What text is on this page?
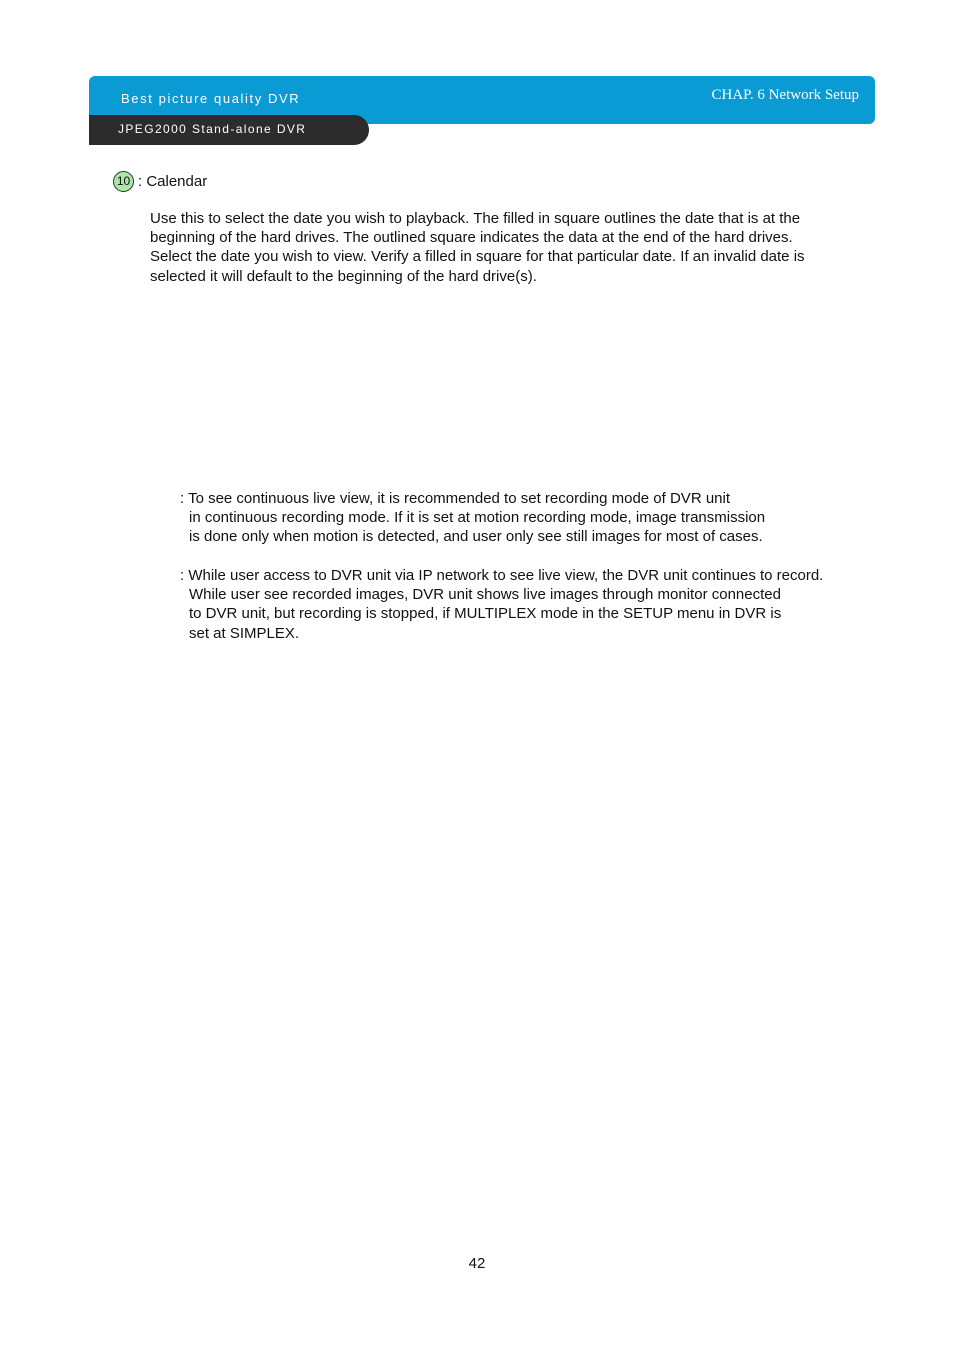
Best picture quality DVR	CHAP. 6 Network Setup
JPEG2000 Stand-alone DVR
10 : Calendar
Use this to select the date you wish to playback. The filled in square outlines the date that is at the
beginning of the hard drives. The outlined square indicates the data at the end of the hard drives.
Select the date you wish to view. Verify a filled in square for that particular date. If an invalid date is
selected it will default to the beginning of the hard drive(s).
: To see continuous live view, it is recommended to set recording mode of DVR unit
in continuous recording mode. If it is set at motion recording mode, image transmission
is done only when motion is detected, and user only see still images for most of cases.
: While user access to DVR unit via IP network to see live view, the DVR unit continues to record.
While user see recorded images, DVR unit shows live images through monitor connected
to DVR unit, but recording is stopped, if MULTIPLEX mode in the SETUP menu in DVR is
set at SIMPLEX.
42
